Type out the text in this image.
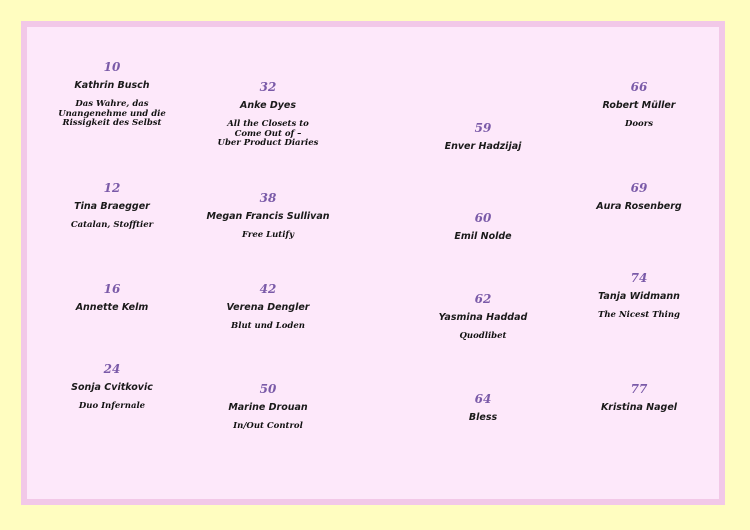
10
Kathrin Busch
Das Wahre, das
Unangenehme und die
Rissigkeit des Selbst
12
Tina Braegger
Catalan, Stofftier
16
Annette Kelm
24
Sonja Cvitkovic
Duo Infernale
32
Anke Dyes
All the Closets to
Come Out of –
Uber Product Diaries
38
Megan Francis Sullivan
Free Lutify
42
Verena Dengler
Blut und Loden
50
Marine Drouan
In/Out Control
59
Enver Hadzijaj
60
Emil Nolde
62
Yasmina Haddad
Quodlibet
64
Bless
66
Robert Müller
Doors
69
Aura Rosenberg
74
Tanja Widmann
The Nicest Thing
77
Kristina Nagel
